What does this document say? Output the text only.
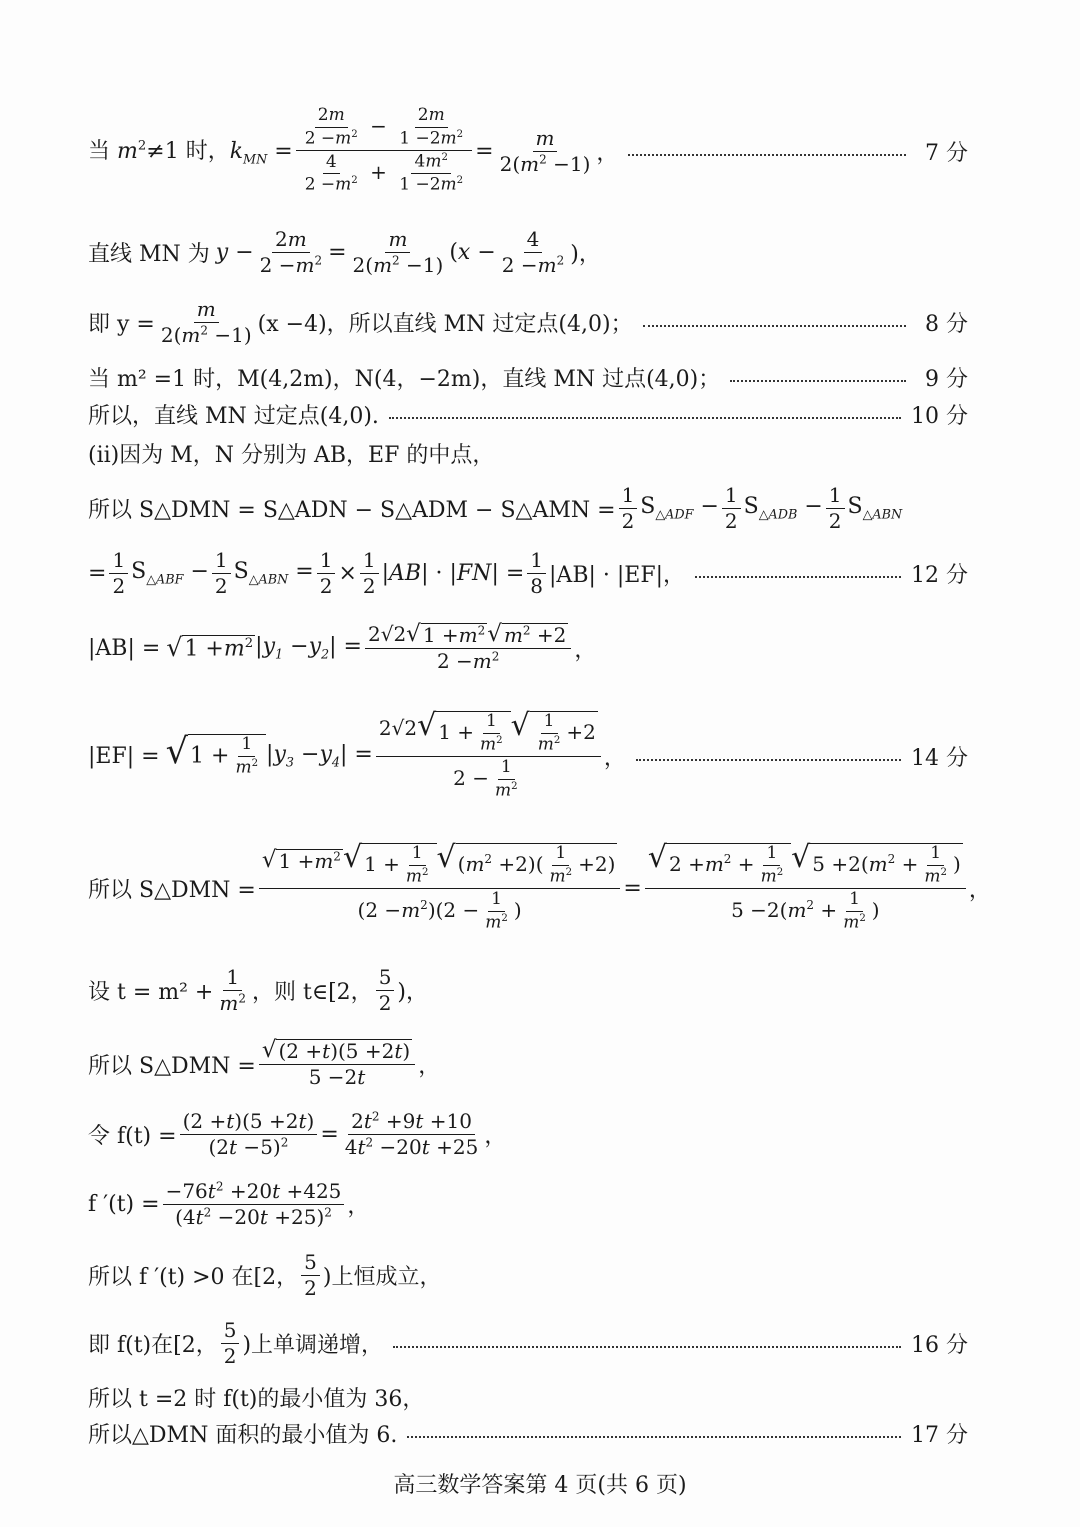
当 $m^2\ne 1$ 时，$k_{MN} = \frac{\frac{2m}{2 -m^2} - \frac{2m}{1 -2m^2}}{\frac{4}{2 -m^2} + \frac{4m^2}{1 -2m^2}} = \frac{m}{2(m^2 -1)}$ ，	7 分
直线 MN 为 $y - \frac{2m}{2 -m^2} = \frac{m}{2(m^2 -1)} (x - \frac{4}{2 -m^2}$ )，
即 $y = \frac{m}{2(m^2 -1)} (x -4)$，所以直线 MN 过定点(4,0)；	8 分
当 m² =1 时，M(4,2m)，N(4，−2m)，直线 MN 过点(4,0)；	9 分
所以，直线 MN 过定点(4,0).	10 分
(ⅱ)因为 M，N 分别为 AB，EF 的中点，
所以 S△DMN = S△ADN − S△ADM − S△AMN = $\frac{1}{2} S_{\triangle ADF} - \frac{1}{2} S_{\triangle ADB} - \frac{1}{2} S_{\triangle ABN}$
= $\frac{1}{2} S_{\triangle ABF} - \frac{1}{2} S_{\triangle ABN} = \frac{1}{2} \times \frac{1}{2} |AB| \cdot |FN| = \frac{1}{8} |AB| \cdot |EF|$，	12 分
|AB| = √ $1 +m^2$ $|y_1 -y_2| = \frac{2√2 √ 1 +m^2 √ m^2 +2}{2 -m^2}$ ，
|EF| = √ $1 + \frac{1}{m^2} |y_3 -y_4| = \frac{2√2 √ 1 + \frac{1}{m^2} √ \frac{1}{m^2} +2}{2 - \frac{1}{m^2}}$ ，	14 分
所以 S△DMN = $\frac{√ 1 +m^2 √ 1 + \frac{1}{m^2} √ (m^2 +2)( \frac{1}{m^2} +2)}{(2 -m^2)(2 - \frac{1}{m^2} )} = \frac{√ 2 +m^2 + \frac{1}{m^2} √ 5 +2(m^2 + \frac{1}{m^2} )}{5 -2(m^2 + \frac{1}{m^2} )}$ ，
设 $t = m^2 + \frac{1}{m^2}$ ，则 t∈[2， $\frac{5}{2}$ )，
所以 S△DMN = $\frac{√ (2 +t)(5 +2t)}{5 -2t}$ ，
令 $f(t) = \frac{(2 +t)(5 +2t)}{(2t -5)^2} = \frac{2t^2 +9t +10}{4t^2 -20t +25}$ ，
f $'(t) = \frac{-76t^2 +20t +425}{(4t^2 -20t +25)^2}$ ，
所以 f ′(t) >0 在[2， $\frac{5}{2}$ )上恒成立，
即 f(t)在[2， $\frac{5}{2}$ )上单调递增，	16 分
所以 t =2 时 f(t)的最小值为 36，
所以△DMN 面积的最小值为 6.	17 分
高三数学答案第 4 页(共 6 页)
